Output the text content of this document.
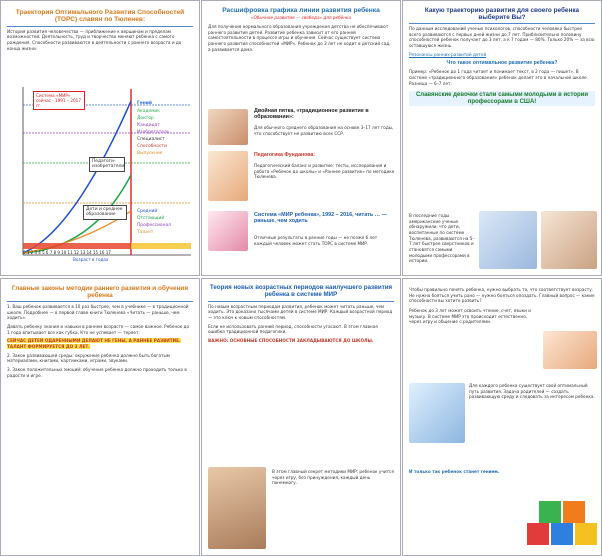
Траектория Оптимального Развития Способностей (ТОРС) славян по Тюленев:

История развития человечества — приближение к вершинам и пределам возможностей. Деятельность, труд и творчество меняют ребенка с самого рождения. Способности развиваются в деятельности с раннего возраста и до конца жизни.

Система «МИР» сейчас · 1991 – 2017 гг.
Педагоги-изобретатели
Дети и среднее образование
Гений
Академик
Доктор
Кандидат
Изобретатель
Специалист
Способности
Выпускник
Средний
Отстающий
Профессионал
Талант
0 1 2 3 4 5 6 7 8 9 10 11 12 13 14 15 16 17
Возраст в годах

Расшифровка графика линии развития ребенка

«Обычное развитие — свобода» для ребёнка

Для получения нормального образования учреждения детства не обеспечивают раннего развития детей. Развитие ребенка зависит от его ранней самостоятельности в процессе игры и обучения. Сейчас существует система раннего развития способностей «МИР». Ребенок до 3 лет не ходит в детский сад, а развивается дома.

Двойная пятка, «традиционное развитие в образовании»:

Для обычного среднего образования на основе 3–17 лет годы, что способствует не развитию всех ССР.

Педагогика Фунданова:

Педагогический баланс и развитие: тесты, исследования и работа «Ребенок до школы» и «Раннее развитие» по методике Тюленева.

Система «МИР ребенка», 1992 – 2016, читать … — раньше, чем ходить

Отличные результаты в ранние годы — не позже 6 лет каждый человек может стать ТОРС в системе МИР.

Какую траекторию развития для своего ребенка выберите Вы?

По данным исследований ученых психологов, способности человека быстрее всего развиваются с первых дней жизни до 7 лет. Приблизительно половину способностей ребенок получает до 3 лет, а к 7 годам — 80%. Только 20% — за всю оставшуюся жизнь.

Резонансы ранних развитий детей

Что такое оптимальное развитие ребенка?

Пример: «Ребенок до 1 года читает и понимает текст, в 2 года — пишет». В системе «традиционного образования» ребенок делает это в начальной школе. Разница — 6–7 лет.

Славянские девочки стали самыми молодыми в истории профессорами в США!

В последние годы американские ученые обнаружили, что дети, воспитанные по системе Тюленева, развиваются на 5–7 лет быстрее сверстников и становятся самыми молодыми профессорами в истории.

Главные законы методик раннего развития и обучения ребенка

1. Ваш ребенок развивается в 10 раз быстрее, чем в учебнике — в традиционной школе. Подробнее — в первой главе книги Тюленева «Читать — раньше, чем ходить».

Давать ребенку знания и навыки в раннем возрасте — самое важное. Ребенок до 1 года впитывает все как губка. Кто не успевает — теряет.

СЕЙЧАС ДЕТЕЙ ОДАРЕННЫМИ ДЕЛАЮТ НЕ ГЕНЫ, А РАННЕЕ РАЗВИТИЕ. ТАЛАНТ ФОРМИРУЕТСЯ ДО 3 ЛЕТ.

2. Закон развивающей среды: окружение ребенка должно быть богатым материалами, книгами, картинками, играми, звуками.

3. Закон положительных эмоций: обучение ребенка должно проходить только в радости и игре.

Теория новых возрастных периодов наилучшего развития ребенка в системе МИР

По новым возрастным периодам развития, ребенок может читать раньше, чем ходить. Это доказано тысячами детей в системе МИР. Каждый возрастной период — это ключ к новым способностям.

Если не использовать ранний период, способности угасают. В этом главная ошибка традиционной педагогики.

ВАЖНО: ОСНОВНЫЕ СПОСОБНОСТИ ЗАКЛАДЫВАЮТСЯ ДО ШКОЛЫ.

В этом главный секрет методики МИР: ребенок учится через игру, без принуждения, каждый день понемногу.

Чтобы правильно понять ребенка, нужно выбрать то, что соответствует возрасту. Не нужно бояться учить рано — нужно бояться опоздать. Главный вопрос — какие способности вы хотите развить?

Ребенок до 3 лет может освоить чтение, счет, языки и музыку. В системе МИР это происходит естественно, через игру и общение с родителями.

Для каждого ребенка существует свой оптимальный путь развития. Задача родителей — создать развивающую среду и следовать за интересом ребенка.

И только так ребенок станет гением.
